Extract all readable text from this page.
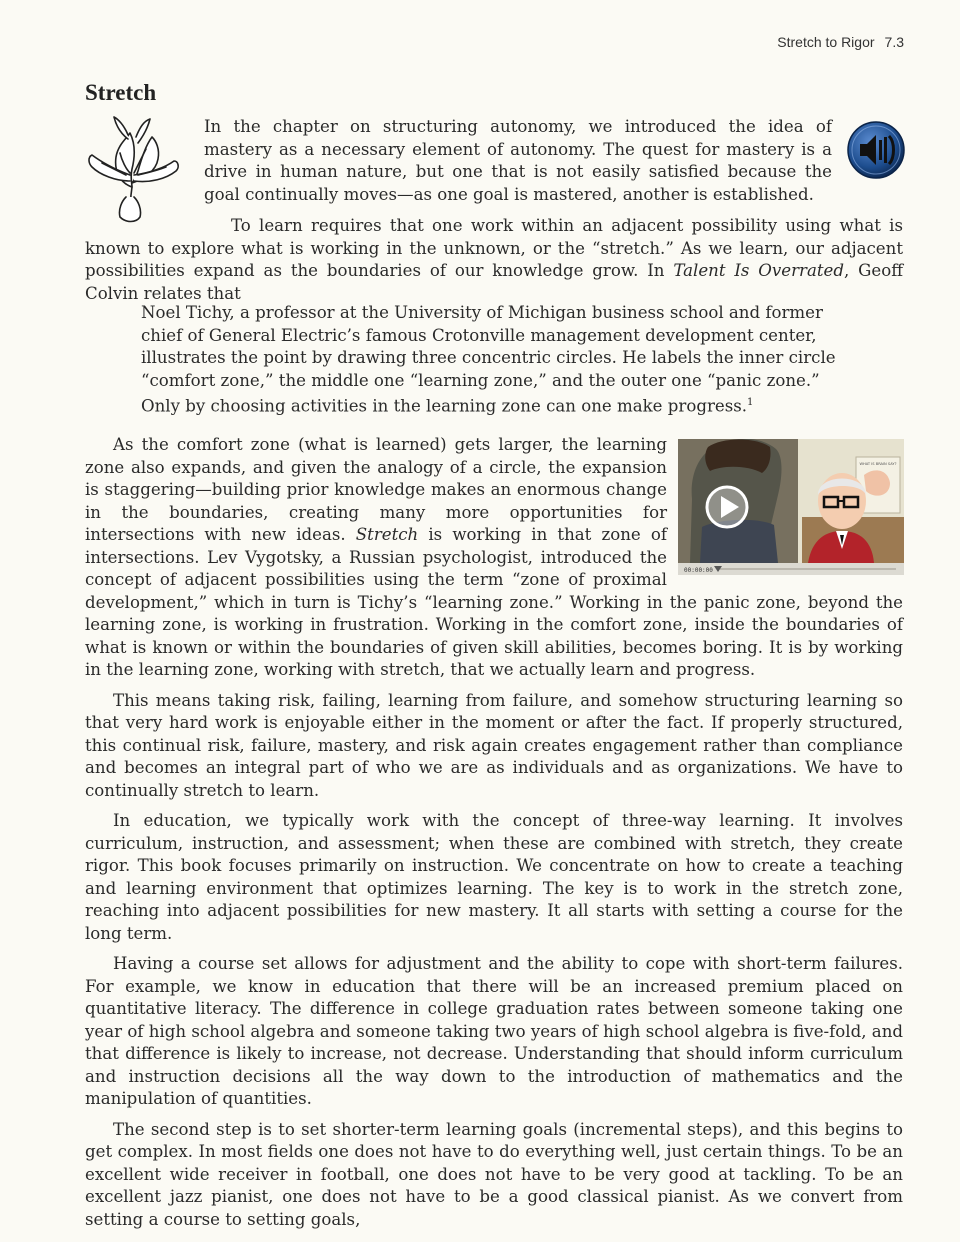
Stretch to Rigor 7.3
Stretch

In the chapter on structuring autonomy, we introduced the idea of mastery as a necessary element of autonomy. The quest for mastery is a drive in human nature, but one that is not easily satisfied because the goal continually moves—as one goal is mastered, another is established.

To learn requires that one work within an adjacent possibility using what is known to explore what is working in the unknown, or the “stretch.” As we learn, our adjacent possibilities expand as the boundaries of our knowledge grow. In Talent Is Overrated, Geoff Colvin relates that

Noel Tichy, a professor at the University of Michigan business school and former chief of General Electric’s famous Crotonville management development center, illustrates the point by drawing three concentric circles. He labels the inner circle “comfort zone,” the middle one “learning zone,” and the outer one “panic zone.” Only by choosing activities in the learning zone can one make progress.$^1$

As the comfort zone (what is learned) gets larger, the learning zone also expands, and given the analogy of a circle, the expansion is staggering—building prior knowledge makes an enormous change in the boundaries, creating many more opportunities for intersections with new ideas. Stretch is working in that zone of intersections. Lev Vygotsky, a Russian psychologist, introduced the concept of adjacent possibilities using the term “zone of proximal development,” which in turn is Tichy’s “learning zone.” Working in the panic zone, beyond the learning zone, is working in frustration. Working in the comfort zone, inside the boundaries of what is known or within the boundaries of given skill abilities, becomes boring. It is by working in the learning zone, working with stretch, that we actually learn and progress.

This means taking risk, failing, learning from failure, and somehow structuring learning so that very hard work is enjoyable either in the moment or after the fact. If properly structured, this continual risk, failure, mastery, and risk again creates engagement rather than compliance and becomes an integral part of who we are as individuals and as organizations. We have to continually stretch to learn.

In education, we typically work with the concept of three-way learning. It involves curriculum, instruction, and assessment; when these are combined with stretch, they create rigor. This book focuses primarily on instruction. We concentrate on how to create a teaching and learning environment that optimizes learning. The key is to work in the stretch zone, reaching into adjacent possibilities for new mastery. It all starts with setting a course for the long term.

Having a course set allows for adjustment and the ability to cope with short-term failures. For example, we know in education that there will be an increased premium placed on quantitative literacy. The difference in college graduation rates between someone taking one year of high school algebra and someone taking two years of high school algebra is five-fold, and that difference is likely to increase, not decrease. Understanding that should inform curriculum and instruction decisions all the way down to the introduction of mathematics and the manipulation of quantities.

The second step is to set shorter-term learning goals (incremental steps), and this begins to get complex. In most fields one does not have to do everything well, just certain things. To be an excellent wide receiver in football, one does not have to be very good at tackling. To be an excellent jazz pianist, one does not have to be a good classical pianist. As we convert from setting a course to setting goals,

WHAT IS BRAIN SAY?
00:00:00
